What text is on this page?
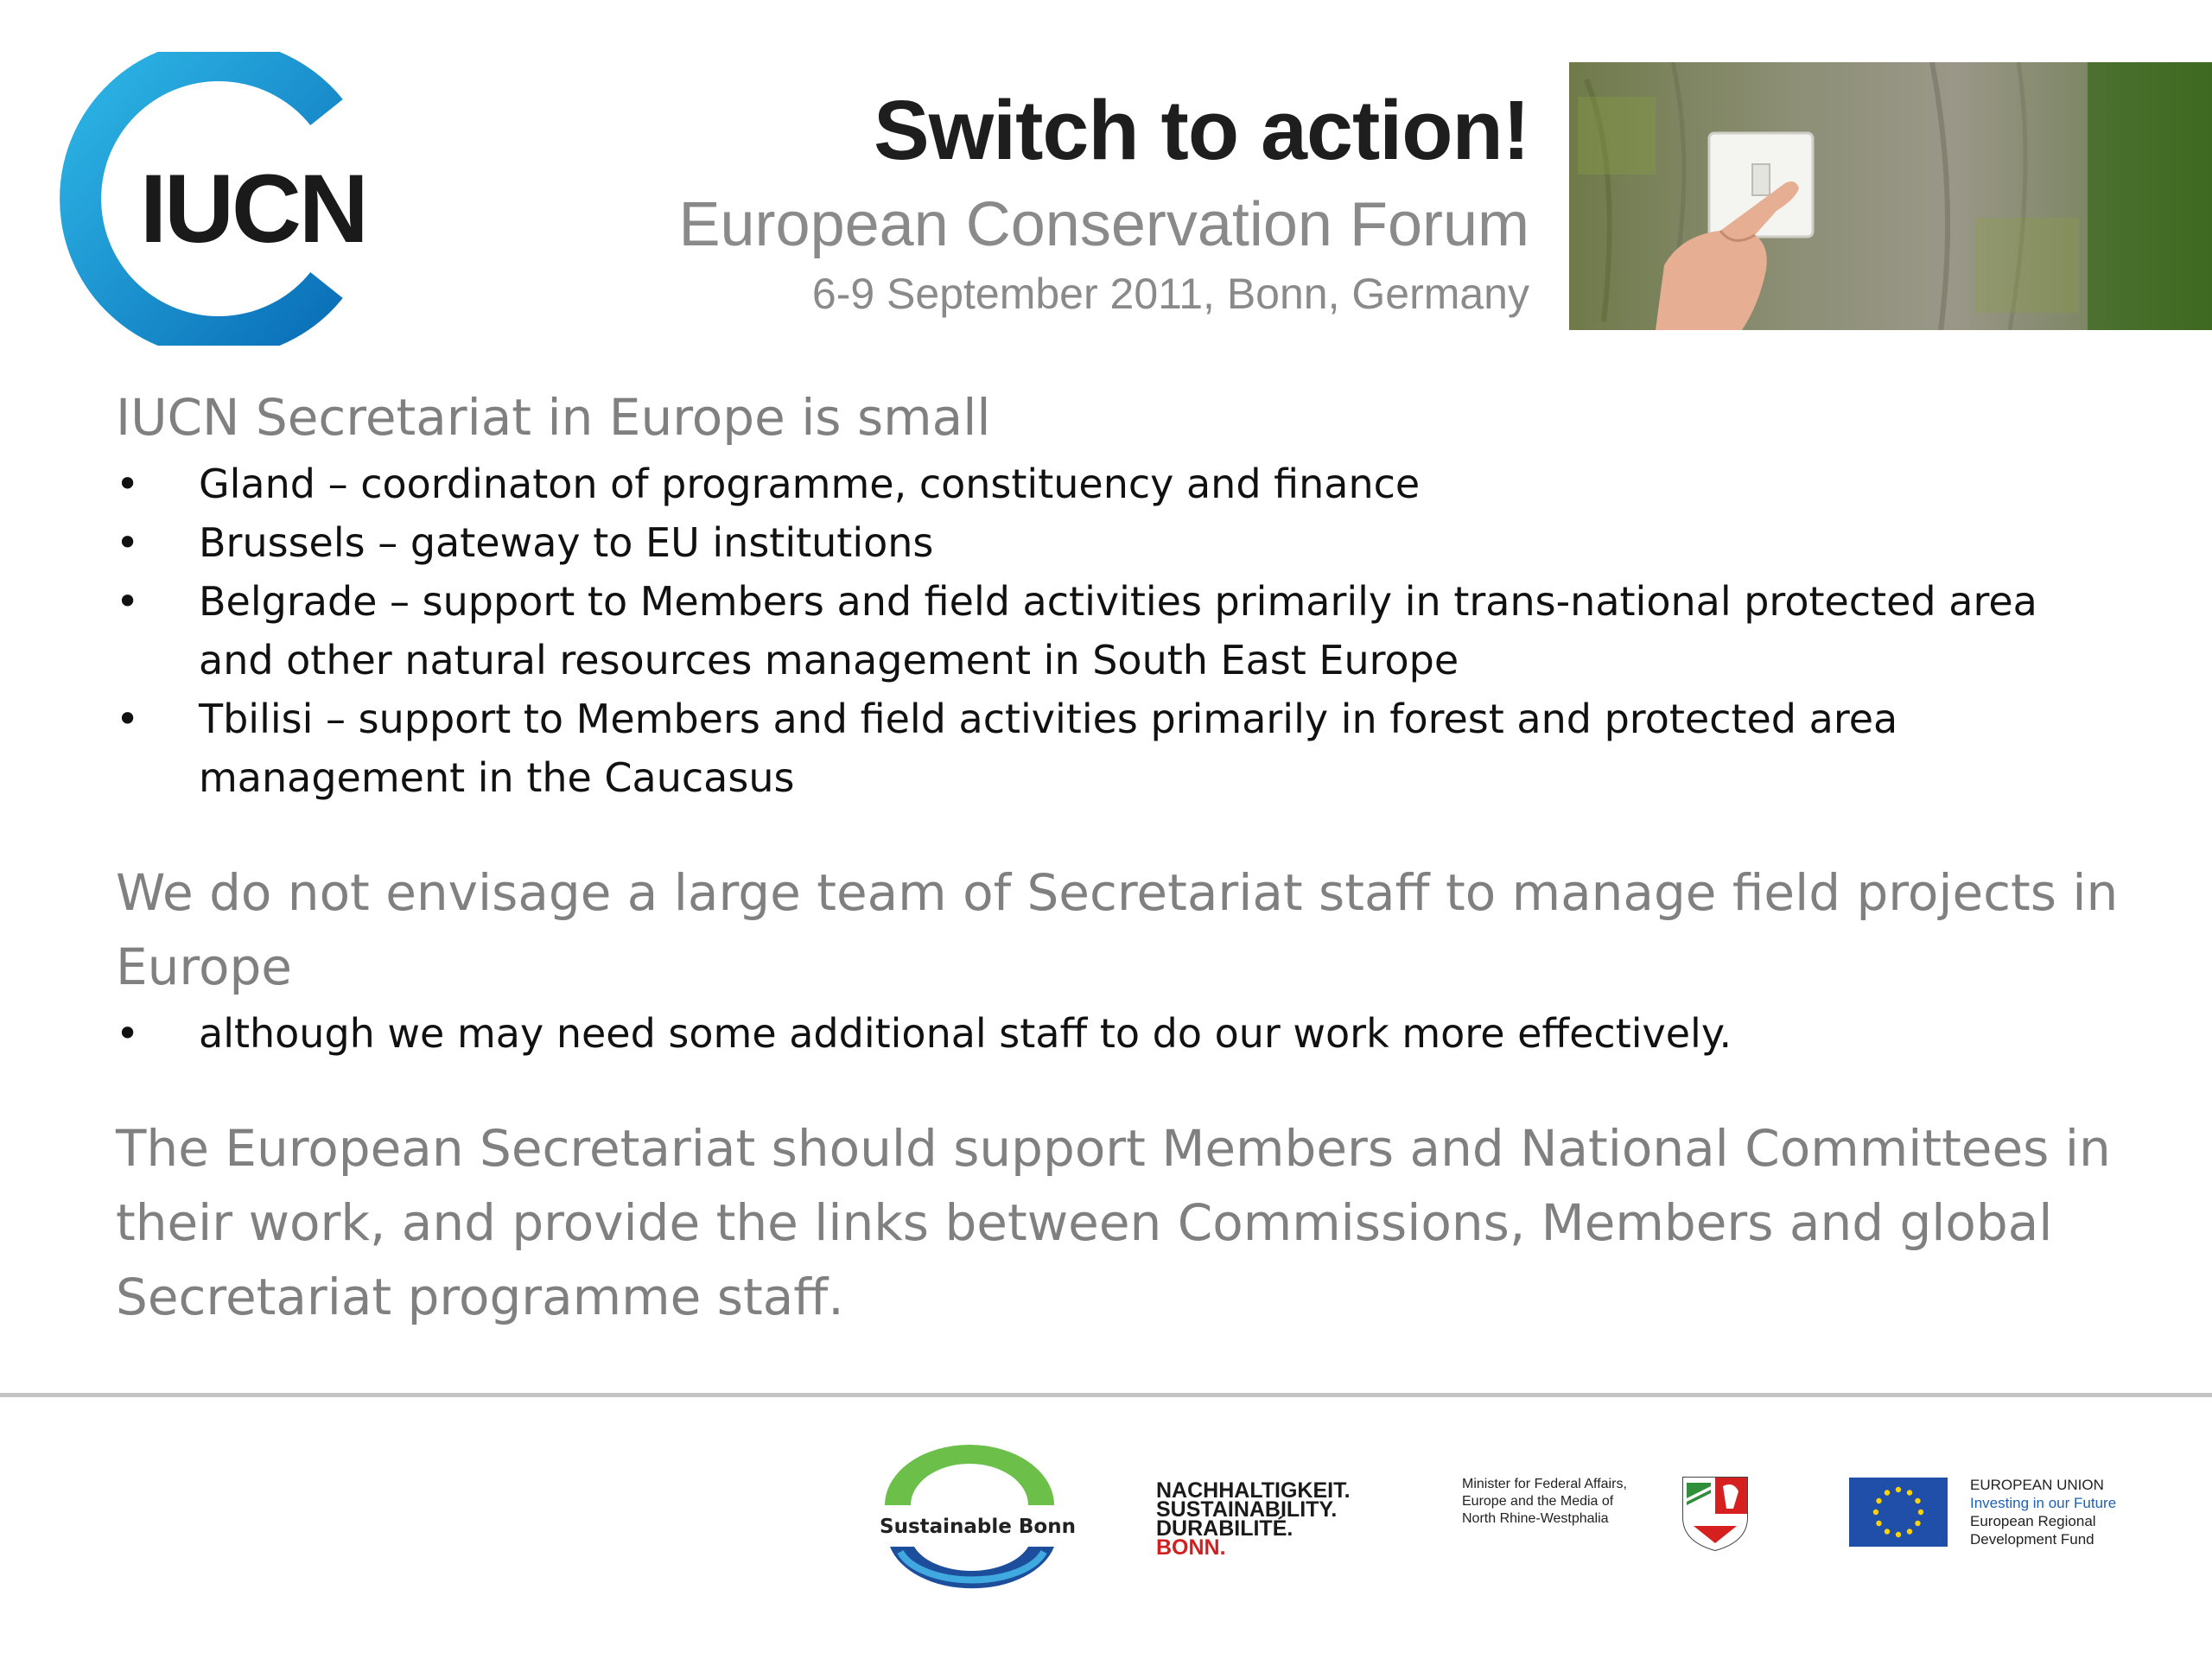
IUCN
Switch to action!
European Conservation Forum
6-9 September 2011, Bonn, Germany

IUCN Secretariat in Europe is small

• Gland – coordinaton of programme, constituency and finance
• Brussels – gateway to EU institutions
• Belgrade – support to Members and field activities primarily in trans-national protected area
and other natural resources management in South East Europe
• Tbilisi – support to Members and field activities primarily in forest and protected area
management in the Caucasus

We do not envisage a large team of Secretariat staff to manage field projects in
Europe

• although we may need some additional staff to do our work more effectively.

The European Secretariat should support Members and National Committees in
their work, and provide the links between Commissions, Members and global
Secretariat programme staff.

Sustainable Bonn
NACHHALTIGKEIT.
SUSTAINABILITY.
DURABILITÉ.
BONN.
Minister for Federal Affairs,
Europe and the Media of
North Rhine-Westphalia
EUROPEAN UNION
Investing in our Future
European Regional
Development Fund
